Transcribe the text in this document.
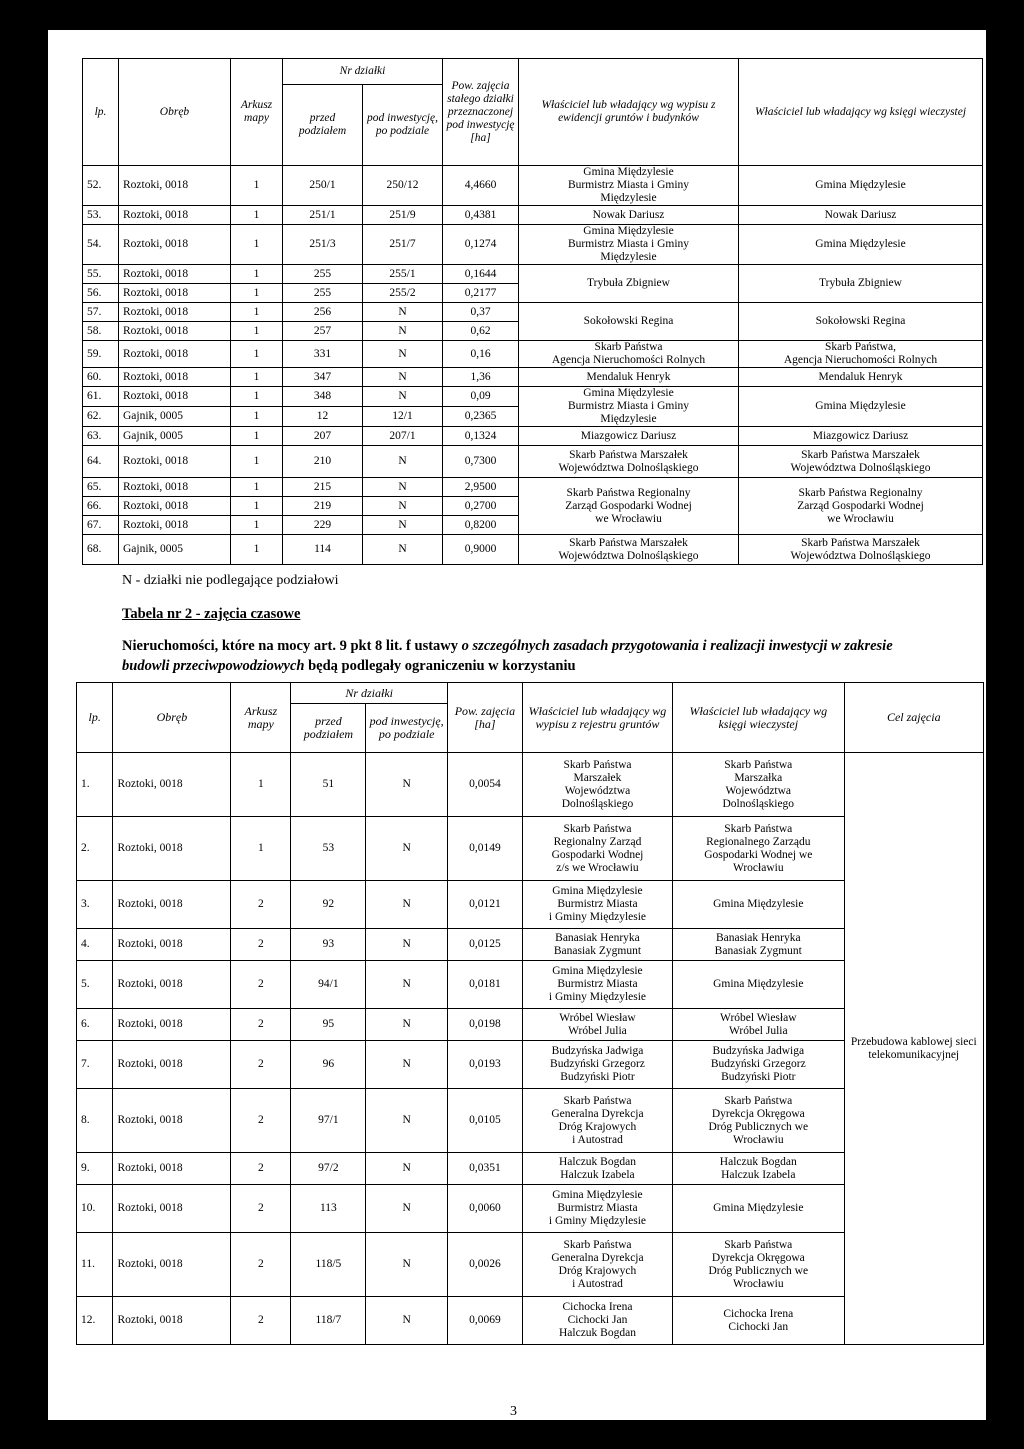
lp.	Obręb	Arkusz mapy	Nr działki		Pow. zajęcia stałego działki przeznaczonej pod inwestycję [ha]	Właściciel lub władający wg wypisu z ewidencji gruntów i budynków	Właściciel lub władający wg księgi wieczystej
			przed podziałem	pod inwestycję, po podziale			
52.	Roztoki, 0018	1	250/1	250/12	4,4660	Gmina Międzylesie
Burmistrz Miasta i Gminy
Międzylesie	Gmina Międzylesie
53.	Roztoki, 0018	1	251/1	251/9	0,4381	Nowak Dariusz	Nowak Dariusz
54.	Roztoki, 0018	1	251/3	251/7	0,1274	Gmina Międzylesie
Burmistrz Miasta i Gminy
Międzylesie	Gmina Międzylesie
55.	Roztoki, 0018	1	255	255/1	0,1644	Trybuła Zbigniew	Trybuła Zbigniew
56.	Roztoki, 0018	1	255	255/2	0,2177		
57.	Roztoki, 0018	1	256	N	0,37	Sokołowski Regina	Sokołowski Regina
58.	Roztoki, 0018	1	257	N	0,62		
59.	Roztoki, 0018	1	331	N	0,16	Skarb Państwa
Agencja Nieruchomości Rolnych	Skarb Państwa,
Agencja Nieruchomości Rolnych
60.	Roztoki, 0018	1	347	N	1,36	Mendaluk Henryk	Mendaluk Henryk
61.	Roztoki, 0018	1	348	N	0,09	Gmina Międzylesie
Burmistrz Miasta i Gminy
Międzylesie	Gmina Międzylesie
62.	Gajnik, 0005	1	12	12/1	0,2365		
63.	Gajnik, 0005	1	207	207/1	0,1324	Miazgowicz Dariusz	Miazgowicz Dariusz
64.	Roztoki, 0018	1	210	N	0,7300	Skarb Państwa Marszałek
Województwa Dolnośląskiego	Skarb Państwa Marszałek
Województwa Dolnośląskiego
65.	Roztoki, 0018	1	215	N	2,9500	Skarb Państwa Regionalny
Zarząd Gospodarki Wodnej
we Wrocławiu	Skarb Państwa Regionalny
Zarząd Gospodarki Wodnej
we Wrocławiu
66.	Roztoki, 0018	1	219	N	0,2700		
67.	Roztoki, 0018	1	229	N	0,8200		
68.	Gajnik, 0005	1	114	N	0,9000	Skarb Państwa Marszałek
Województwa Dolnośląskiego	Skarb Państwa Marszałek
Województwa Dolnośląskiego
N - działki nie podlegające podziałowi
Tabela nr 2 - zajęcia czasowe
Nieruchomości, które na mocy art. 9 pkt 8 lit. f ustawy o szczególnych zasadach przygotowania i realizacji inwestycji w zakresie budowli przeciwpowodziowych będą podlegały ograniczeniu w korzystaniu
lp.	Obręb	Arkusz mapy	Nr działki		Pow. zajęcia [ha]	Właściciel lub władający wg wypisu z rejestru gruntów	Właściciel lub władający wg księgi wieczystej	Cel zajęcia
			przed podziałem	pod inwestycję, po podziale				
1.	Roztoki, 0018	1	51	N	0,0054	Skarb Państwa
Marszałek
Województwa
Dolnośląskiego	Skarb Państwa
Marszałka
Województwa
Dolnośląskiego	Przebudowa kablowej sieci telekomunikacyjnej
2.	Roztoki, 0018	1	53	N	0,0149	Skarb Państwa
Regionalny Zarząd
Gospodarki Wodnej
z/s we Wrocławiu	Skarb Państwa
Regionalnego Zarządu
Gospodarki Wodnej we
Wrocławiu	
3.	Roztoki, 0018	2	92	N	0,0121	Gmina Międzylesie
Burmistrz Miasta
i Gminy Międzylesie	Gmina Międzylesie	
4.	Roztoki, 0018	2	93	N	0,0125	Banasiak Henryka
Banasiak Zygmunt	Banasiak Henryka
Banasiak Zygmunt	
5.	Roztoki, 0018	2	94/1	N	0,0181	Gmina Międzylesie
Burmistrz Miasta
i Gminy Międzylesie	Gmina Międzylesie	
6.	Roztoki, 0018	2	95	N	0,0198	Wróbel Wiesław
Wróbel Julia	Wróbel Wiesław
Wróbel Julia	
7.	Roztoki, 0018	2	96	N	0,0193	Budzyńska Jadwiga
Budzyński Grzegorz
Budzyński Piotr	Budzyńska Jadwiga
Budzyński Grzegorz
Budzyński Piotr	
8.	Roztoki, 0018	2	97/1	N	0,0105	Skarb Państwa
Generalna Dyrekcja
Dróg Krajowych
i Autostrad	Skarb Państwa
Dyrekcja Okręgowa
Dróg Publicznych we
Wrocławiu	
9.	Roztoki, 0018	2	97/2	N	0,0351	Halczuk Bogdan
Halczuk Izabela	Halczuk Bogdan
Halczuk Izabela	
10.	Roztoki, 0018	2	113	N	0,0060	Gmina Międzylesie
Burmistrz Miasta
i Gminy Międzylesie	Gmina Międzylesie	
11.	Roztoki, 0018	2	118/5	N	0,0026	Skarb Państwa
Generalna Dyrekcja
Dróg Krajowych
i Autostrad	Skarb Państwa
Dyrekcja Okręgowa
Dróg Publicznych we
Wrocławiu	
12.	Roztoki, 0018	2	118/7	N	0,0069	Cichocka Irena
Cichocki Jan
Halczuk Bogdan	Cichocka Irena
Cichocki Jan	
3
